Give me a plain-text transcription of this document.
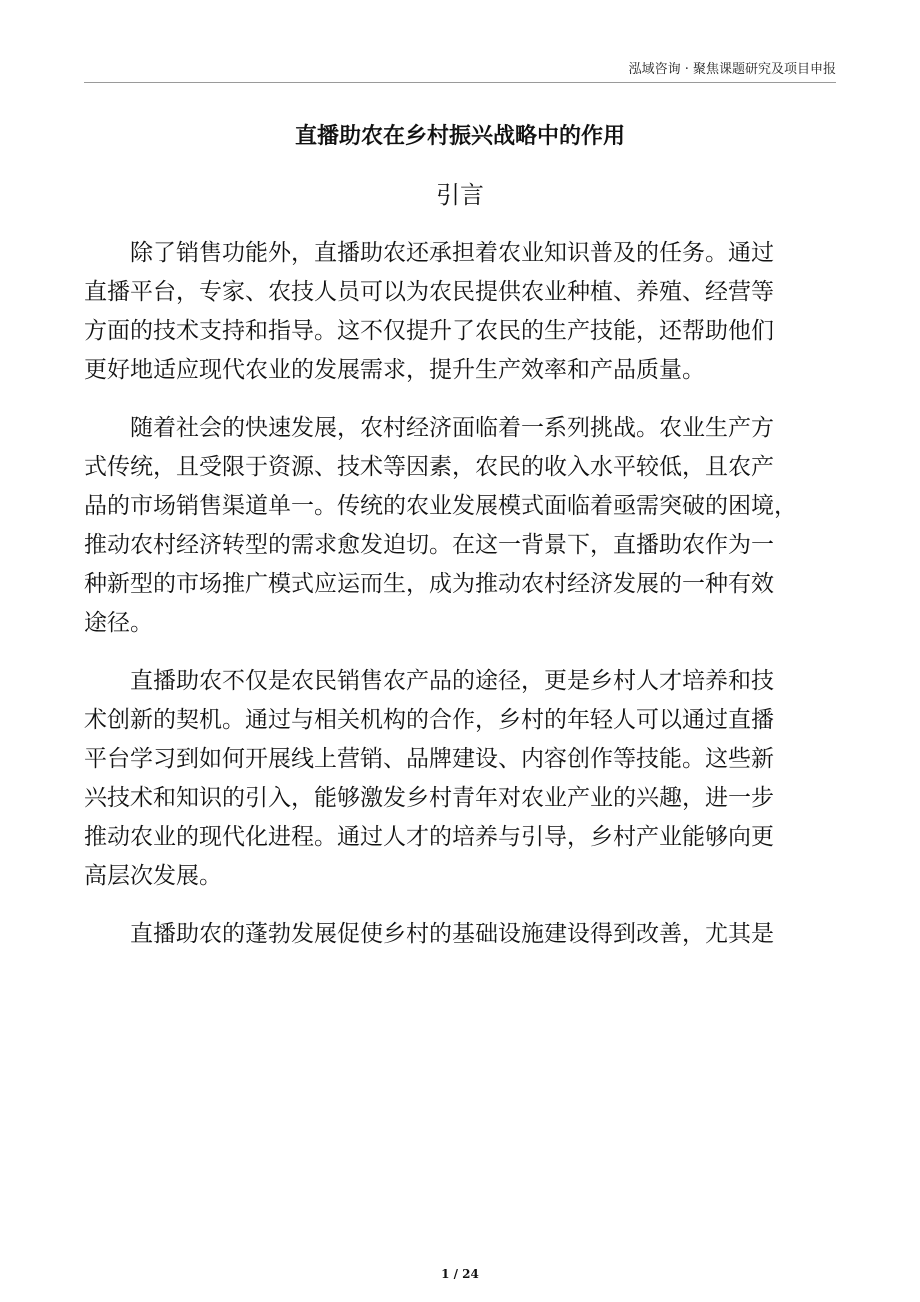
泓域咨询 · 聚焦课题研究及项目申报
直播助农在乡村振兴战略中的作用
引言
除了销售功能外，直播助农还承担着农业知识普及的任务。通过
直播平台，专家、农技人员可以为农民提供农业种植、养殖、经营等
方面的技术支持和指导。这不仅提升了农民的生产技能，还帮助他们
更好地适应现代农业的发展需求，提升生产效率和产品质量。
随着社会的快速发展，农村经济面临着一系列挑战。农业生产方
式传统，且受限于资源、技术等因素，农民的收入水平较低，且农产
品的市场销售渠道单一。传统的农业发展模式面临着亟需突破的困境，
推动农村经济转型的需求愈发迫切。在这一背景下，直播助农作为一
种新型的市场推广模式应运而生，成为推动农村经济发展的一种有效
途径。
直播助农不仅是农民销售农产品的途径，更是乡村人才培养和技
术创新的契机。通过与相关机构的合作，乡村的年轻人可以通过直播
平台学习到如何开展线上营销、品牌建设、内容创作等技能。这些新
兴技术和知识的引入，能够激发乡村青年对农业产业的兴趣，进一步
推动农业的现代化进程。通过人才的培养与引导，乡村产业能够向更
高层次发展。
直播助农的蓬勃发展促使乡村的基础设施建设得到改善，尤其是
1 / 24
